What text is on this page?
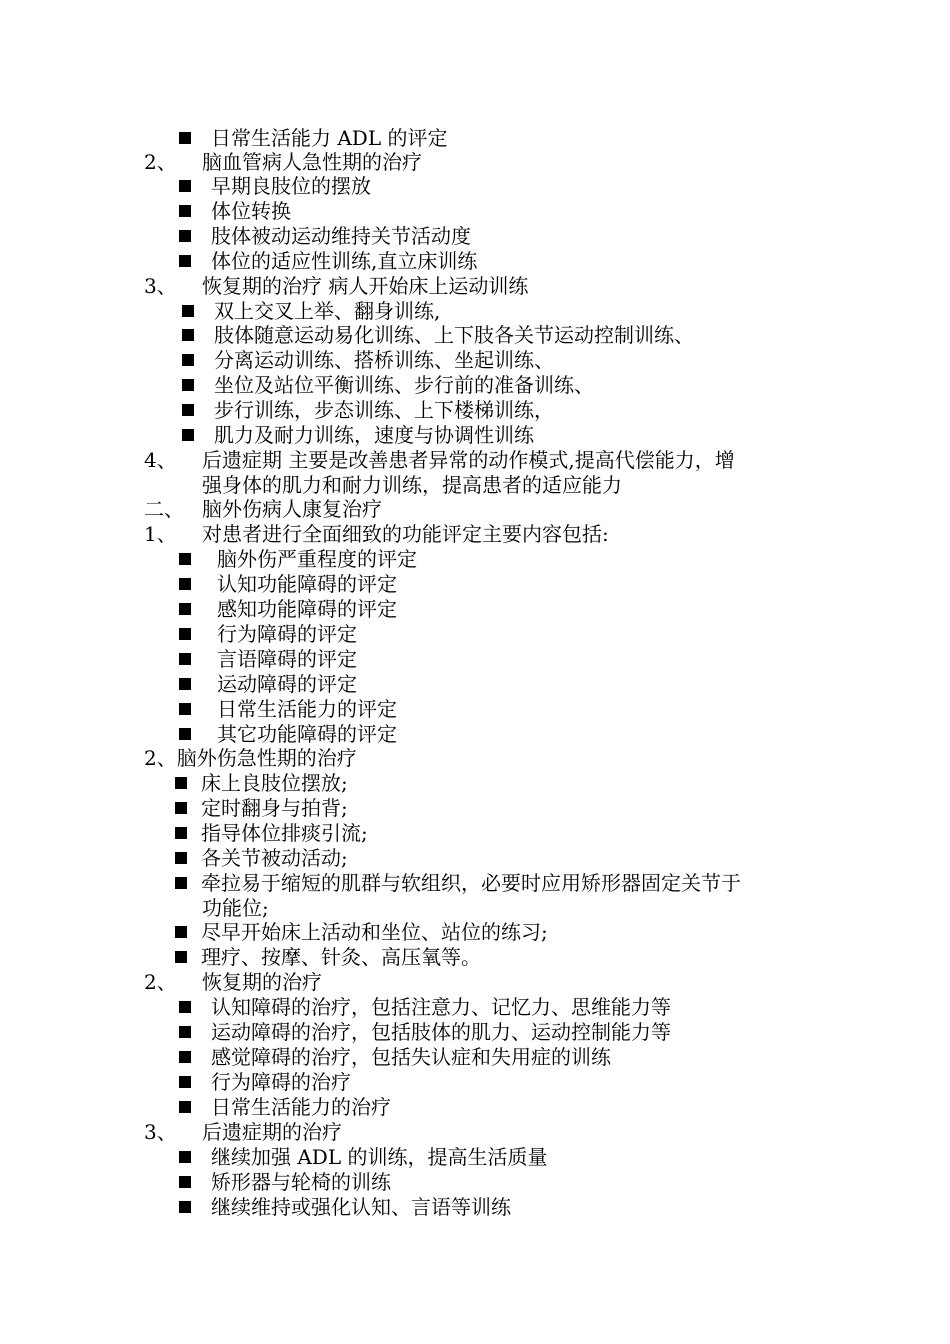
日常生活能力 ADL 的评定
2、 脑血管病人急性期的治疗
早期良肢位的摆放
体位转换
肢体被动运动维持关节活动度
体位的适应性训练,直立床训练
3、 恢复期的治疗 病人开始床上运动训练
双上交叉上举、翻身训练,
肢体随意运动易化训练、上下肢各关节运动控制训练、
分离运动训练、搭桥训练、坐起训练、
坐位及站位平衡训练、步行前的准备训练、
步行训练，步态训练、上下楼梯训练，
肌力及耐力训练，速度与协调性训练
4、 后遗症期 主要是改善患者异常的动作模式,提高代偿能力，增
强身体的肌力和耐力训练，提高患者的适应能力
二、 脑外伤病人康复治疗
1、 对患者进行全面细致的功能评定主要内容包括:
脑外伤严重程度的评定
认知功能障碍的评定
感知功能障碍的评定
行为障碍的评定
言语障碍的评定
运动障碍的评定
日常生活能力的评定
其它功能障碍的评定
2、脑外伤急性期的治疗
床上良肢位摆放;
定时翻身与拍背;
指导体位排痰引流;
各关节被动活动;
牵拉易于缩短的肌群与软组织，必要时应用矫形器固定关节于
功能位;
尽早开始床上活动和坐位、站位的练习;
理疗、按摩、针灸、高压氧等。
2、 恢复期的治疗
认知障碍的治疗，包括注意力、记忆力、思维能力等
运动障碍的治疗，包括肢体的肌力、运动控制能力等
感觉障碍的治疗，包括失认症和失用症的训练
行为障碍的治疗
日常生活能力的治疗
3、 后遗症期的治疗
继续加强 ADL 的训练，提高生活质量
矫形器与轮椅的训练
继续维持或强化认知、言语等训练
